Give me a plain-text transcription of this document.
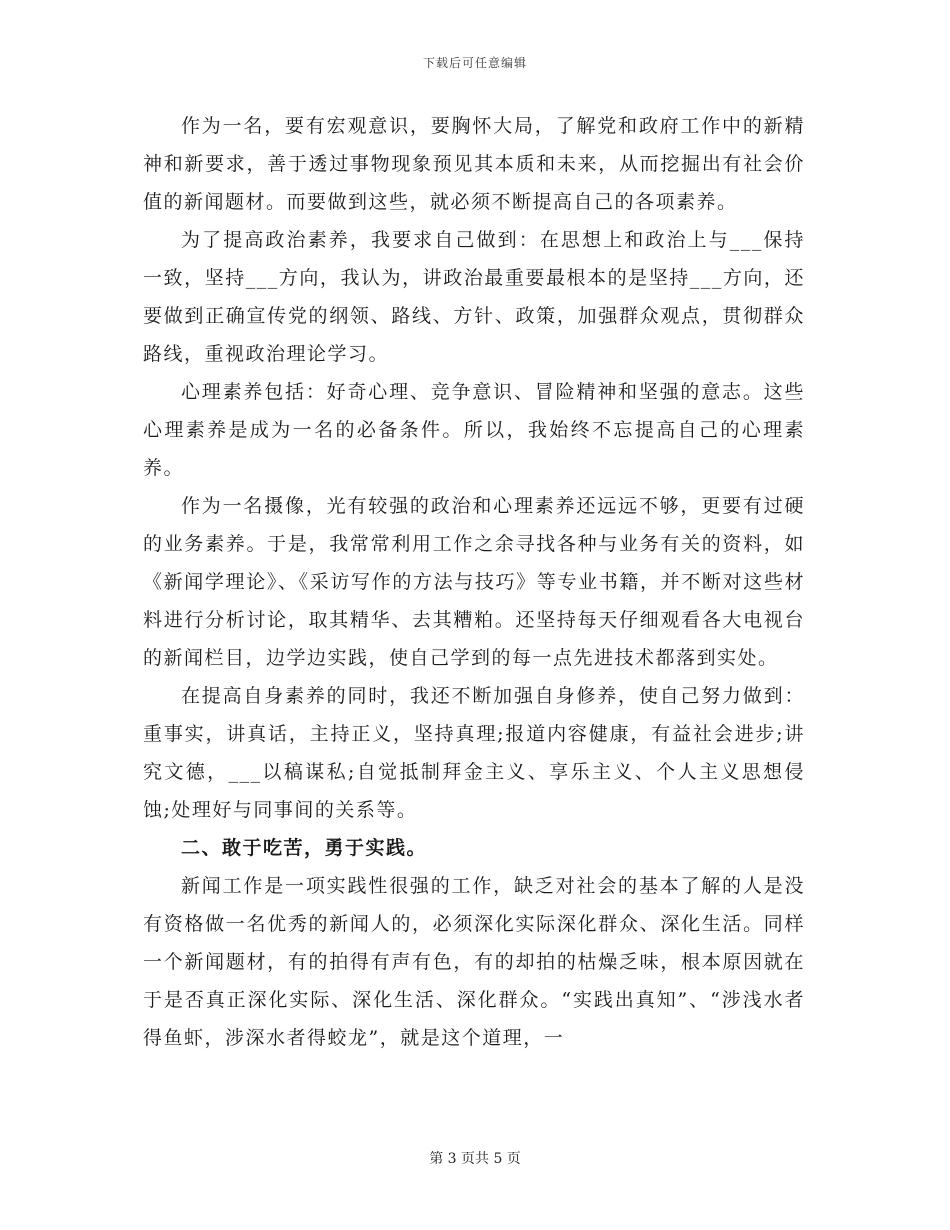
下载后可任意编辑

作为一名，要有宏观意识，要胸怀大局，了解党和政府工作中的新精神和新要求，善于透过事物现象预见其本质和未来，从而挖掘出有社会价值的新闻题材。而要做到这些，就必须不断提高自己的各项素养。

为了提高政治素养，我要求自己做到：在思想上和政治上与___保持一致，坚持___方向，我认为，讲政治最重要最根本的是坚持___方向，还要做到正确宣传党的纲领、路线、方针、政策，加强群众观点，贯彻群众路线，重视政治理论学习。

心理素养包括：好奇心理、竞争意识、冒险精神和坚强的意志。这些心理素养是成为一名的必备条件。所以，我始终不忘提高自己的心理素养。

作为一名摄像，光有较强的政治和心理素养还远远不够，更要有过硬的业务素养。于是，我常常利用工作之余寻找各种与业务有关的资料，如《新闻学理论》、《采访写作的方法与技巧》等专业书籍，并不断对这些材料进行分析讨论，取其精华、去其糟粕。还坚持每天仔细观看各大电视台的新闻栏目，边学边实践，使自己学到的每一点先进技术都落到实处。

在提高自身素养的同时，我还不断加强自身修养，使自己努力做到：重事实，讲真话，主持正义，坚持真理;报道内容健康，有益社会进步;讲究文德，___以稿谋私;自觉抵制拜金主义、享乐主义、个人主义思想侵蚀;处理好与同事间的关系等。

二、敢于吃苦，勇于实践。

新闻工作是一项实践性很强的工作，缺乏对社会的基本了解的人是没有资格做一名优秀的新闻人的，必须深化实际深化群众、深化生活。同样一个新闻题材，有的拍得有声有色，有的却拍的枯燥乏味，根本原因就在于是否真正深化实际、深化生活、深化群众。“实践出真知”、“涉浅水者得鱼虾，涉深水者得蛟龙”，就是这个道理，一

第 3 页共 5 页
